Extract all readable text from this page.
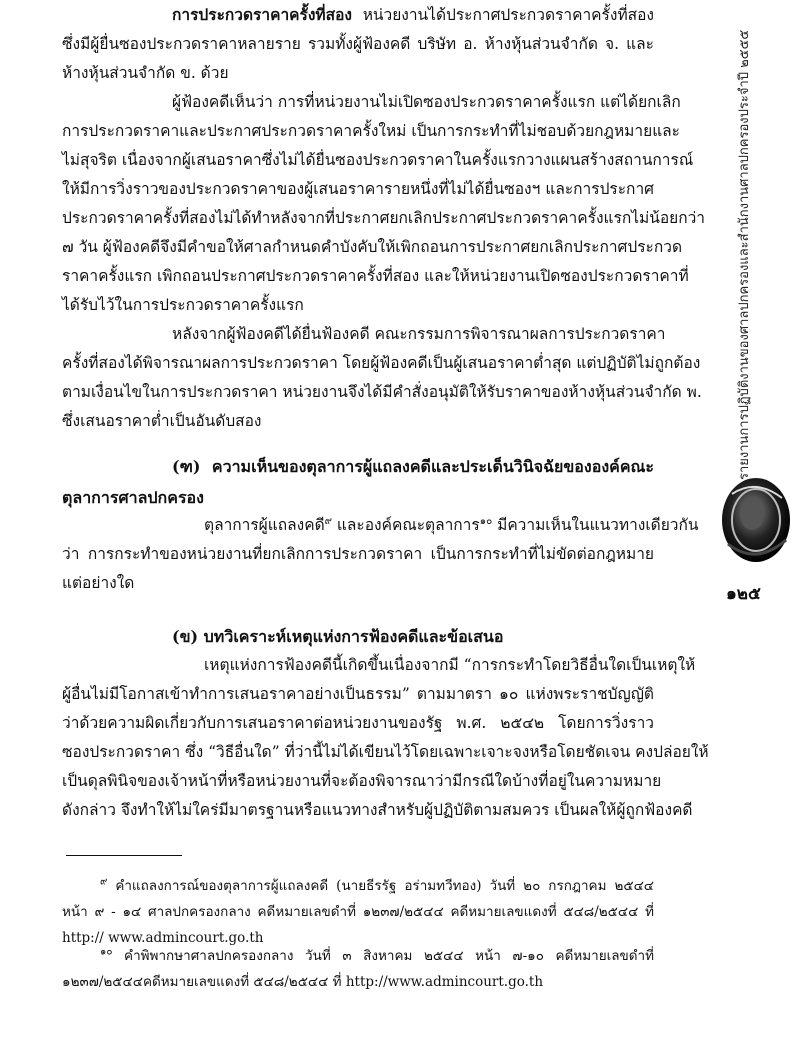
การประกวดราคาครั้งที่สอง หน่วยงานได้ประกาศประกวดราคาครั้งที่สอง
ซึ่งมีผู้ยื่นซองประกวดราคาหลายราย รวมทั้งผู้ฟ้องคดี บริษัท อ. ห้างหุ้นส่วนจำกัด จ. และ
ห้างหุ้นส่วนจำกัด ข. ด้วย
ผู้ฟ้องคดีเห็นว่า การที่หน่วยงานไม่เปิดซองประกวดราคาครั้งแรก แต่ได้ยกเลิก
การประกวดราคาและประกาศประกวดราคาครั้งใหม่ เป็นการกระทำที่ไม่ชอบด้วยกฎหมายและ
ไม่สุจริต เนื่องจากผู้เสนอราคาซึ่งไม่ได้ยื่นซองประกวดราคาในครั้งแรกวางแผนสร้างสถานการณ์
ให้มีการวิ่งราวของประกวดราคาของผู้เสนอราคารายหนึ่งที่ไม่ได้ยื่นซองฯ และการประกาศ
ประกวดราคาครั้งที่สองไม่ได้ทำหลังจากที่ประกาศยกเลิกประกาศประกวดราคาครั้งแรกไม่น้อยกว่า
๗ วัน ผู้ฟ้องคดีจึงมีคำขอให้ศาลกำหนดคำบังคับให้เพิกถอนการประกาศยกเลิกประกาศประกวด
ราคาครั้งแรก เพิกถอนประกาศประกวดราคาครั้งที่สอง และให้หน่วยงานเปิดซองประกวดราคาที่
ได้รับไว้ในการประกวดราคาครั้งแรก
หลังจากผู้ฟ้องคดีได้ยื่นฟ้องคดี คณะกรรมการพิจารณาผลการประกวดราคา
ครั้งที่สองได้พิจารณาผลการประกวดราคา โดยผู้ฟ้องคดีเป็นผู้เสนอราคาต่ำสุด แต่ปฏิบัติไม่ถูกต้อง
ตามเงื่อนไขในการประกวดราคา หน่วยงานจึงได้มีคำสั่งอนุมัติให้รับราคาของห้างหุ้นส่วนจำกัด พ.
ซึ่งเสนอราคาต่ำเป็นอันดับสอง
(ฑ) ความเห็นของตุลาการผู้แถลงคดีและประเด็นวินิจฉัยขององค์คณะ
ตุลาการศาลปกครอง
ตุลาการผู้แถลงคดี$^๙$ และองค์คณะตุลาการ$^{๑๐}$ มีความเห็นในแนวทางเดียวกัน
ว่า การกระทำของหน่วยงานที่ยกเลิกการประกวดราคา เป็นการกระทำที่ไม่ขัดต่อกฎหมาย
แต่อย่างใด
(ข) บทวิเคราะห์เหตุแห่งการฟ้องคดีและข้อเสนอ
เหตุแห่งการฟ้องคดีนี้เกิดขึ้นเนื่องจากมี “การกระทำโดยวิธีอื่นใดเป็นเหตุให้
ผู้อื่นไม่มีโอกาสเข้าทำการเสนอราคาอย่างเป็นธรรม” ตามมาตรา ๑๐ แห่งพระราชบัญญัติ
ว่าด้วยความผิดเกี่ยวกับการเสนอราคาต่อหน่วยงานของรัฐ พ.ศ. ๒๕๔๒ โดยการวิ่งราว
ซองประกวดราคา ซึ่ง “วิธีอื่นใด” ที่ว่านี้ไม่ได้เขียนไว้โดยเฉพาะเจาะจงหรือโดยชัดเจน คงปล่อยให้
เป็นดุลพินิจของเจ้าหน้าที่หรือหน่วยงานที่จะต้องพิจารณาว่ามีกรณีใดบ้างที่อยู่ในความหมาย
ดังกล่าว จึงทำให้ไม่ใคร่มีมาตรฐานหรือแนวทางสำหรับผู้ปฏิบัติตามสมควร เป็นผลให้ผู้ถูกฟ้องคดี
$^๙$ คำแถลงการณ์ของตุลาการผู้แถลงคดี (นายธีรรัฐ อร่ามทวีทอง) วันที่ ๒๐ กรกฎาคม ๒๕๔๔
หน้า ๙ - ๑๔ ศาลปกครองกลาง คดีหมายเลขดำที่ ๑๒๓๗/๒๕๔๔ คดีหมายเลขแดงที่ ๕๔๘/๒๕๔๔ ที่
http:// www.admincourt.go.th
$^{๑๐}$ คำพิพากษาศาลปกครองกลาง วันที่ ๓ สิงหาคม ๒๕๔๔ หน้า ๗-๑๐ คดีหมายเลขดำที่
๑๒๓๗/๒๕๔๔คดีหมายเลขแดงที่ ๕๔๘/๒๕๔๔ ที่ http://www.admincourt.go.th
รายงานการปฏิบัติงานของศาลปกครองและสำนักงานศาลปกครองประจำปี ๒๕๕๕
๑๒๕
